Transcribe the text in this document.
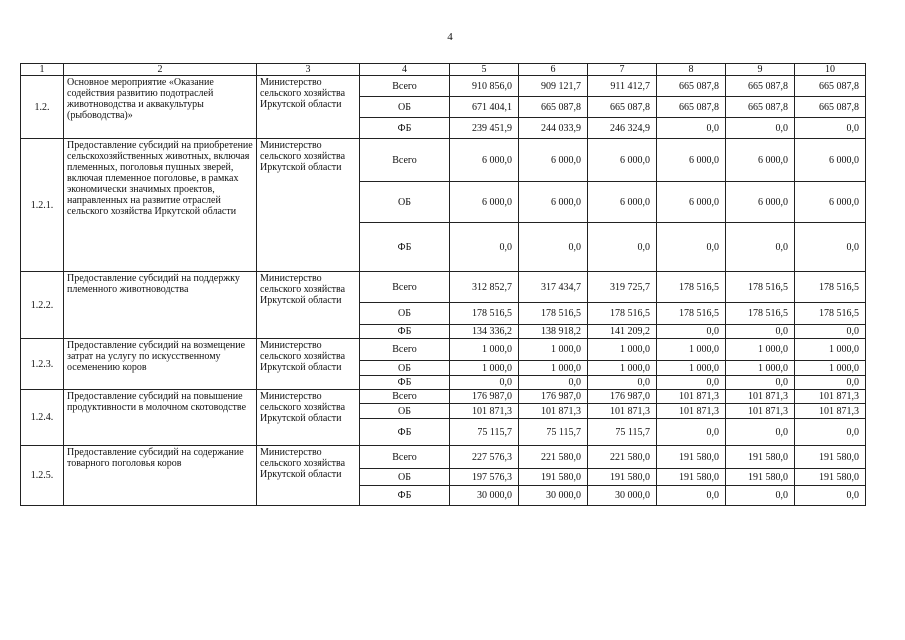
4
1	2	3	4	5	6	7	8	9	10
1.2.	Основное мероприятие «Оказание содействия развитию подотраслей животноводства и аквакультуры (рыбоводства)»	Министерство сельского хозяйства Иркутской области	Всего	910 856,0	909 121,7	911 412,7	665 087,8	665 087,8	665 087,8
			ОБ	671 404,1	665 087,8	665 087,8	665 087,8	665 087,8	665 087,8
			ФБ	239 451,9	244 033,9	246 324,9	0,0	0,0	0,0
1.2.1.	Предоставление субсидий на приобретение сельскохозяйственных животных, включая племенных, поголовья пушных зверей, включая племенное поголовье, в рамках экономически значимых проектов, направленных на развитие отраслей сельского хозяйства Иркутской области	Министерство сельского хозяйства Иркутской области	Всего	6 000,0	6 000,0	6 000,0	6 000,0	6 000,0	6 000,0
			ОБ	6 000,0	6 000,0	6 000,0	6 000,0	6 000,0	6 000,0
			ФБ	0,0	0,0	0,0	0,0	0,0	0,0
1.2.2.	Предоставление субсидий на поддержку племенного животноводства	Министерство сельского хозяйства Иркутской области	Всего	312 852,7	317 434,7	319 725,7	178 516,5	178 516,5	178 516,5
			ОБ	178 516,5	178 516,5	178 516,5	178 516,5	178 516,5	178 516,5
			ФБ	134 336,2	138 918,2	141 209,2	0,0	0,0	0,0
1.2.3.	Предоставление субсидий на возмещение затрат на услугу по искусственному осеменению коров	Министерство сельского хозяйства Иркутской области	Всего	1 000,0	1 000,0	1 000,0	1 000,0	1 000,0	1 000,0
			ОБ	1 000,0	1 000,0	1 000,0	1 000,0	1 000,0	1 000,0
			ФБ	0,0	0,0	0,0	0,0	0,0	0,0
1.2.4.	Предоставление субсидий на повышение продуктивности в молочном скотоводстве	Министерство сельского хозяйства Иркутской области	Всего	176 987,0	176 987,0	176 987,0	101 871,3	101 871,3	101 871,3
			ОБ	101 871,3	101 871,3	101 871,3	101 871,3	101 871,3	101 871,3
			ФБ	75 115,7	75 115,7	75 115,7	0,0	0,0	0,0
1.2.5.	Предоставление субсидий на содержание товарного поголовья коров	Министерство сельского хозяйства Иркутской области	Всего	227 576,3	221 580,0	221 580,0	191 580,0	191 580,0	191 580,0
			ОБ	197 576,3	191 580,0	191 580,0	191 580,0	191 580,0	191 580,0
			ФБ	30 000,0	30 000,0	30 000,0	0,0	0,0	0,0
